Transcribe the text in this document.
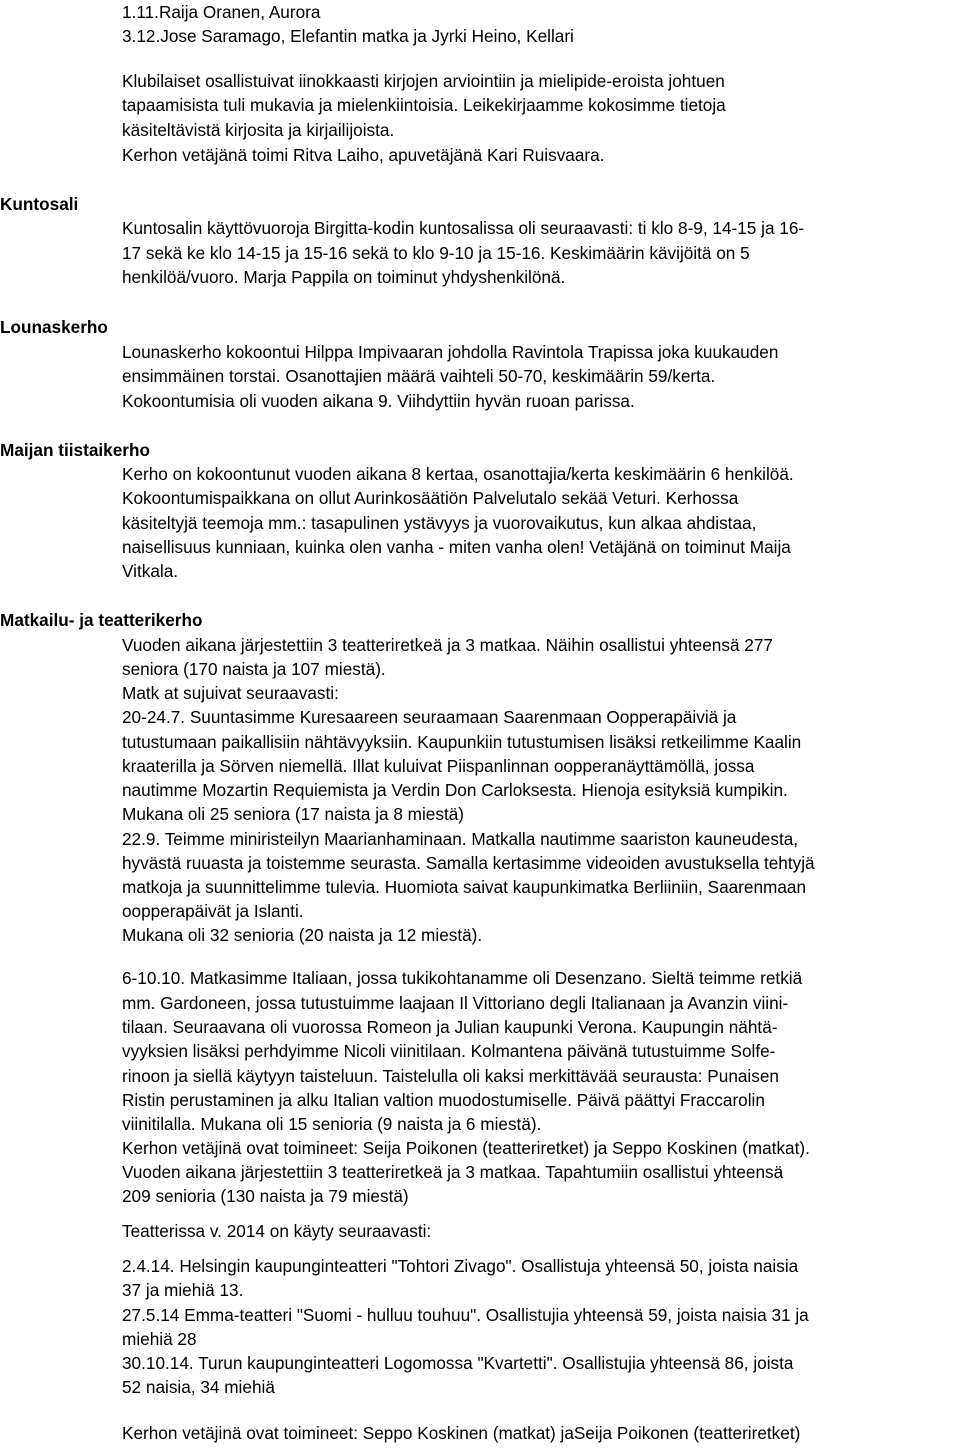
1.11.Raija Oranen, Aurora
3.12.Jose Saramago, Elefantin matka ja Jyrki Heino, Kellari
Klubilaiset osallistuivat iinokkaasti kirjojen arviointiin ja mielipide-eroista johtuen
tapaamisista tuli mukavia ja mielenkiintoisia. Leikekirjaamme kokosimme tietoja
käsiteltävistä kirjosita ja kirjailijoista.
Kerhon vetäjänä toimi Ritva Laiho, apuvetäjänä Kari Ruisvaara.
Kuntosali
Kuntosalin käyttövuoroja Birgitta-kodin kuntosalissa oli seuraavasti: ti klo 8-9, 14-15 ja 16-
17 sekä ke klo 14-15 ja 15-16 sekä to klo 9-10 ja 15-16. Keskimäärin kävijöitä on 5
henkilöä/vuoro. Marja Pappila on toiminut yhdyshenkilönä.
Lounaskerho
Lounaskerho kokoontui Hilppa Impivaaran johdolla Ravintola Trapissa joka kuukauden
ensimmäinen torstai. Osanottajien määrä vaihteli 50-70, keskimäärin 59/kerta.
Kokoontumisia oli vuoden aikana 9. Viihdyttiin hyvän ruoan parissa.
Maijan tiistaikerho
Kerho on kokoontunut vuoden aikana 8 kertaa, osanottajia/kerta keskimäärin 6 henkilöä.
Kokoontumispaikkana on ollut Aurinkosäätiön Palvelutalo sekää Veturi. Kerhossa
käsiteltyjä teemoja mm.: tasapulinen ystävyys ja vuorovaikutus, kun alkaa ahdistaa,
naisellisuus kunniaan, kuinka olen vanha - miten vanha olen! Vetäjänä on toiminut Maija
Vitkala.
Matkailu- ja teatterikerho
Vuoden aikana järjestettiin 3 teatteriretkeä ja 3 matkaa. Näihin osallistui yhteensä 277
seniora (170 naista ja 107 miestä).
Matk at sujuivat seuraavasti:
20-24.7. Suuntasimme Kuresaareen seuraamaan Saarenmaan Oopperapäiviä ja
tutustumaan paikallisiin nähtävyyksiin. Kaupunkiin tutustumisen lisäksi retkeilimme Kaalin
kraaterilla ja Sörven niemellä. Illat kuluivat Piispanlinnan oopperanäyttämöllä, jossa
nautimme Mozartin Requiemista ja Verdin Don Carloksesta. Hienoja esityksiä kumpikin.
Mukana oli 25 seniora (17 naista ja 8 miestä)
22.9. Teimme miniristeilyn Maarianhaminaan. Matkalla nautimme saariston kauneudesta,
hyvästä ruuasta ja toistemme seurasta. Samalla kertasimme videoiden avustuksella tehtyjä
matkoja ja suunnittelimme tulevia. Huomiota saivat kaupunkimatka Berliiniin, Saarenmaan
oopperapäivät ja Islanti.
Mukana oli 32 senioria (20 naista ja 12 miestä).
6-10.10. Matkasimme Italiaan, jossa tukikohtanamme oli Desenzano. Sieltä teimme retkiä
mm. Gardoneen, jossa tutustuimme laajaan Il Vittoriano degli Italianaan ja Avanzin viini-
tilaan. Seuraavana oli vuorossa Romeon ja Julian kaupunki Verona. Kaupungin nähtä-
vyyksien lisäksi perhdyimme Nicoli viinitilaan. Kolmantena päivänä tutustuimme Solfe-
rinoon ja siellä käytyyn taisteluun. Taistelulla oli kaksi merkittävää seurausta: Punaisen
Ristin perustaminen ja alku Italian valtion muodostumiselle. Päivä päättyi Fraccarolin
viinitilalla. Mukana oli 15 senioria (9 naista ja 6 miestä).
Kerhon vetäjinä ovat toimineet: Seija Poikonen (teatteriretket) ja Seppo Koskinen (matkat).
Vuoden aikana järjestettiin 3 teatteriretkeä ja 3 matkaa. Tapahtumiin osallistui yhteensä
209 senioria (130 naista ja 79 miestä)
Teatterissa v. 2014 on käyty seuraavasti:
2.4.14. Helsingin kaupunginteatteri "Tohtori Zivago". Osallistuja yhteensä 50, joista naisia
37 ja miehiä 13.
27.5.14 Emma-teatteri "Suomi - hulluu touhuu". Osallistujia yhteensä 59, joista naisia 31 ja
miehiä 28
30.10.14. Turun kaupunginteatteri Logomossa "Kvartetti". Osallistujia yhteensä 86, joista
52 naisia, 34 miehiä
Kerhon vetäjinä ovat toimineet: Seppo Koskinen (matkat) jaSeija Poikonen (teatteriretket)
